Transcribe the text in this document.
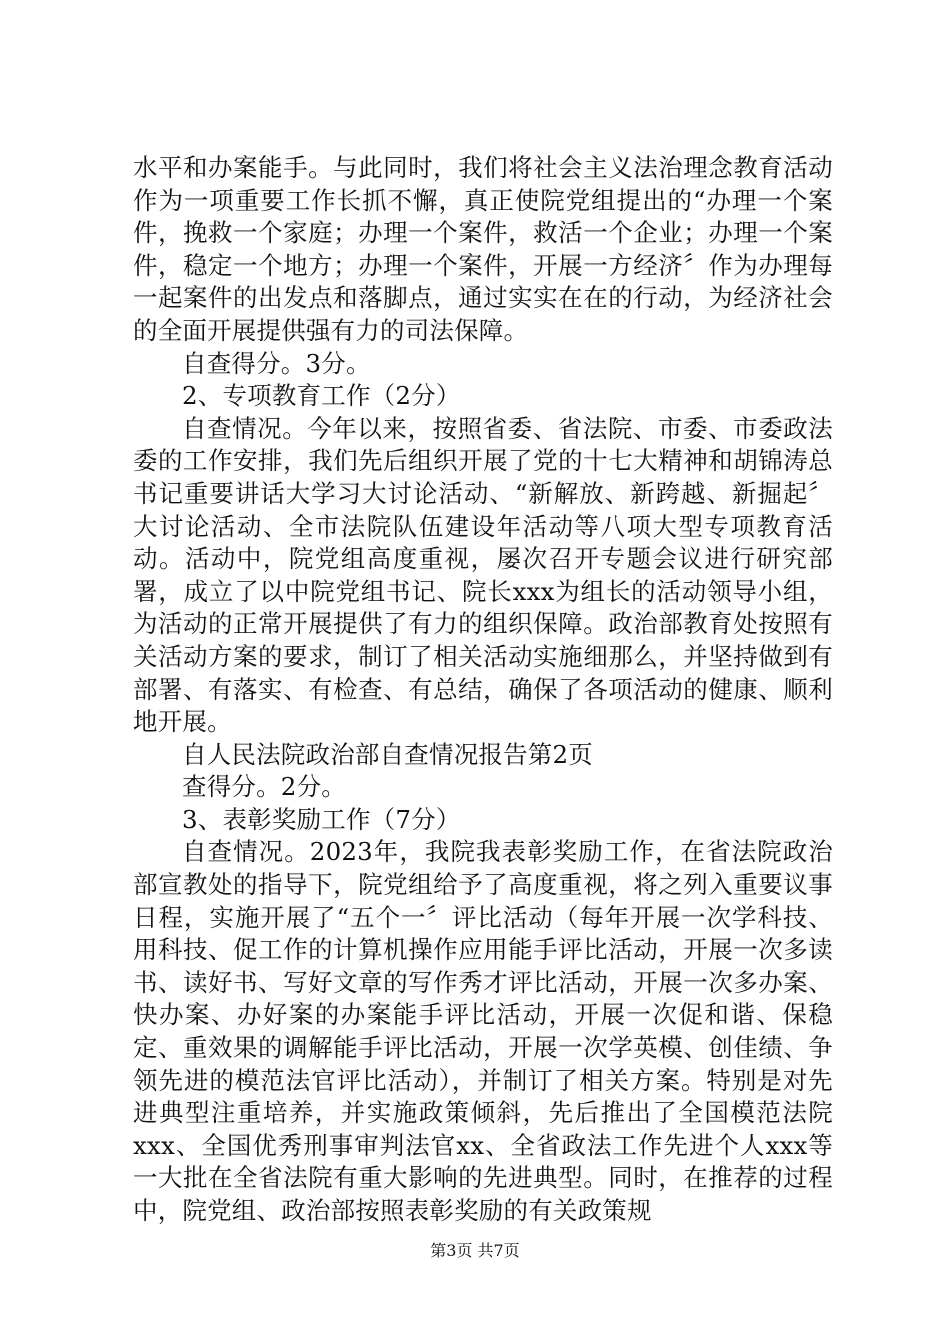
水平和办案能手。与此同时，我们将社会主义法治理念教育活动作为一项重要工作长抓不懈，真正使院党组提出的“办理一个案件，挽救一个家庭；办理一个案件，救活一个企业；办理一个案件，稳定一个地方；办理一个案件，开展一方经济〞作为办理每一起案件的出发点和落脚点，通过实实在在的行动，为经济社会的全面开展提供强有力的司法保障。

自查得分。3分。

2、专项教育工作（2分）

自查情况。今年以来，按照省委、省法院、市委、市委政法委的工作安排，我们先后组织开展了党的十七大精神和胡锦涛总书记重要讲话大学习大讨论活动、“新解放、新跨越、新掘起〞大讨论活动、全市法院队伍建设年活动等八项大型专项教育活动。活动中，院党组高度重视，屡次召开专题会议进行研究部署，成立了以中院党组书记、院长xxx为组长的活动领导小组，为活动的正常开展提供了有力的组织保障。政治部教育处按照有关活动方案的要求，制订了相关活动实施细那么，并坚持做到有部署、有落实、有检查、有总结，确保了各项活动的健康、顺利地开展。

自人民法院政治部自查情况报告第2页

查得分。2分。

3、表彰奖励工作（7分）

自查情况。2023年，我院我表彰奖励工作，在省法院政治部宣教处的指导下，院党组给予了高度重视，将之列入重要议事日程，实施开展了“五个一〞评比活动（每年开展一次学科技、用科技、促工作的计算机操作应用能手评比活动，开展一次多读书、读好书、写好文章的写作秀才评比活动，开展一次多办案、快办案、办好案的办案能手评比活动，开展一次促和谐、保稳定、重效果的调解能手评比活动，开展一次学英模、创佳绩、争领先进的模范法官评比活动），并制订了相关方案。特别是对先进典型注重培养，并实施政策倾斜，先后推出了全国模范法院xxx、全国优秀刑事审判法官xx、全省政法工作先进个人xxx等一大批在全省法院有重大影响的先进典型。同时，在推荐的过程中，院党组、政治部按照表彰奖励的有关政策规

第3页 共7页
